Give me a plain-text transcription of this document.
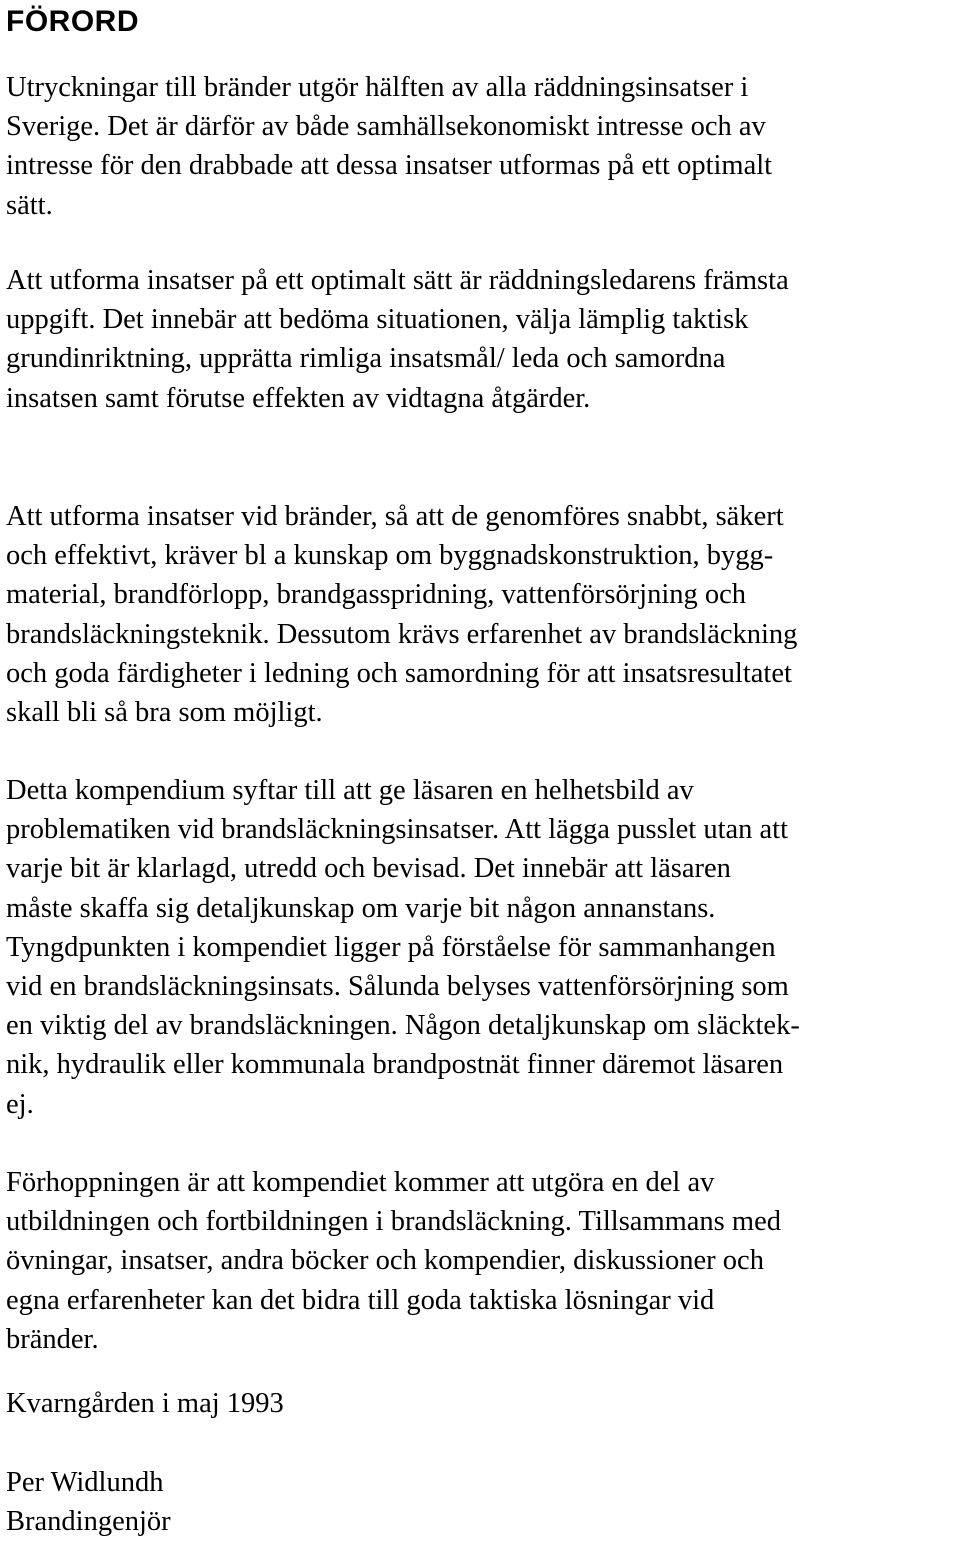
FÖRORD
Utryckningar till bränder utgör hälften av alla räddningsinsatser i
Sverige. Det är därför av både samhällsekonomiskt intresse och av
intresse för den drabbade att dessa insatser utformas på ett optimalt
sätt.
Att utforma insatser på ett optimalt sätt är räddningsledarens främsta
uppgift. Det innebär att bedöma situationen, välja lämplig taktisk
grundinriktning, upprätta rimliga insatsmål/ leda och samordna
insatsen samt förutse effekten av vidtagna åtgärder.
Att utforma insatser vid bränder, så att de genomföres snabbt, säkert
och effektivt, kräver bl a kunskap om byggnadskonstruktion, bygg-
material, brandförlopp, brandgasspridning, vattenförsörjning och
brandsläckningsteknik. Dessutom krävs erfarenhet av brandsläckning
och goda färdigheter i ledning och samordning för att insatsresultatet
skall bli så bra som möjligt.
Detta kompendium syftar till att ge läsaren en helhetsbild av
problematiken vid brandsläckningsinsatser. Att lägga pusslet utan att
varje bit är klarlagd, utredd och bevisad. Det innebär att läsaren
måste skaffa sig detaljkunskap om varje bit någon annanstans.
Tyngdpunkten i kompendiet ligger på förståelse för sammanhangen
vid en brandsläckningsinsats. Sålunda belyses vattenförsörjning som
en viktig del av brandsläckningen. Någon detaljkunskap om släcktek-
nik, hydraulik eller kommunala brandpostnät finner däremot läsaren
ej.
Förhoppningen är att kompendiet kommer att utgöra en del av
utbildningen och fortbildningen i brandsläckning. Tillsammans med
övningar, insatser, andra böcker och kompendier, diskussioner och
egna erfarenheter kan det bidra till goda taktiska lösningar vid
bränder.

Kvarngården i maj 1993

Per Widlundh

Brandingenjör
